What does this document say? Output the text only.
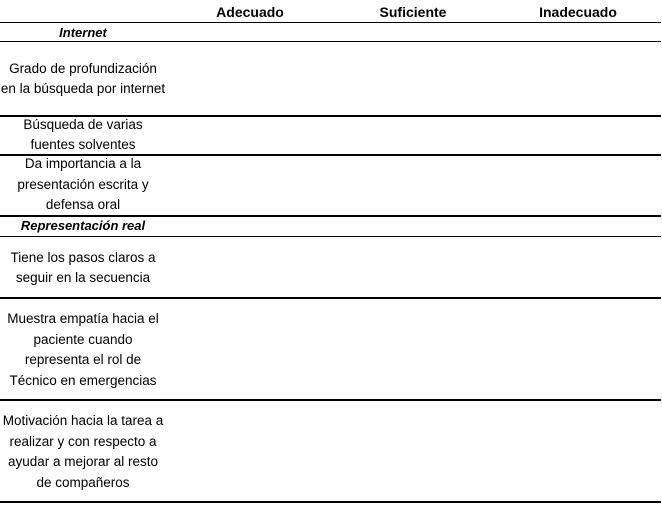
Adecuado	Suficiente	Inadecuado
Internet
Grado de profundización en la búsqueda por internet
Búsqueda de varias fuentes solventes
Da importancia a la presentación escrita y defensa oral
Representación real
Tiene los pasos claros a seguir en la secuencia
Muestra empatía hacia el paciente cuando representa el rol de Técnico en emergencias
Motivación hacia la tarea a realizar y con respecto a ayudar a mejorar al resto de compañeros
